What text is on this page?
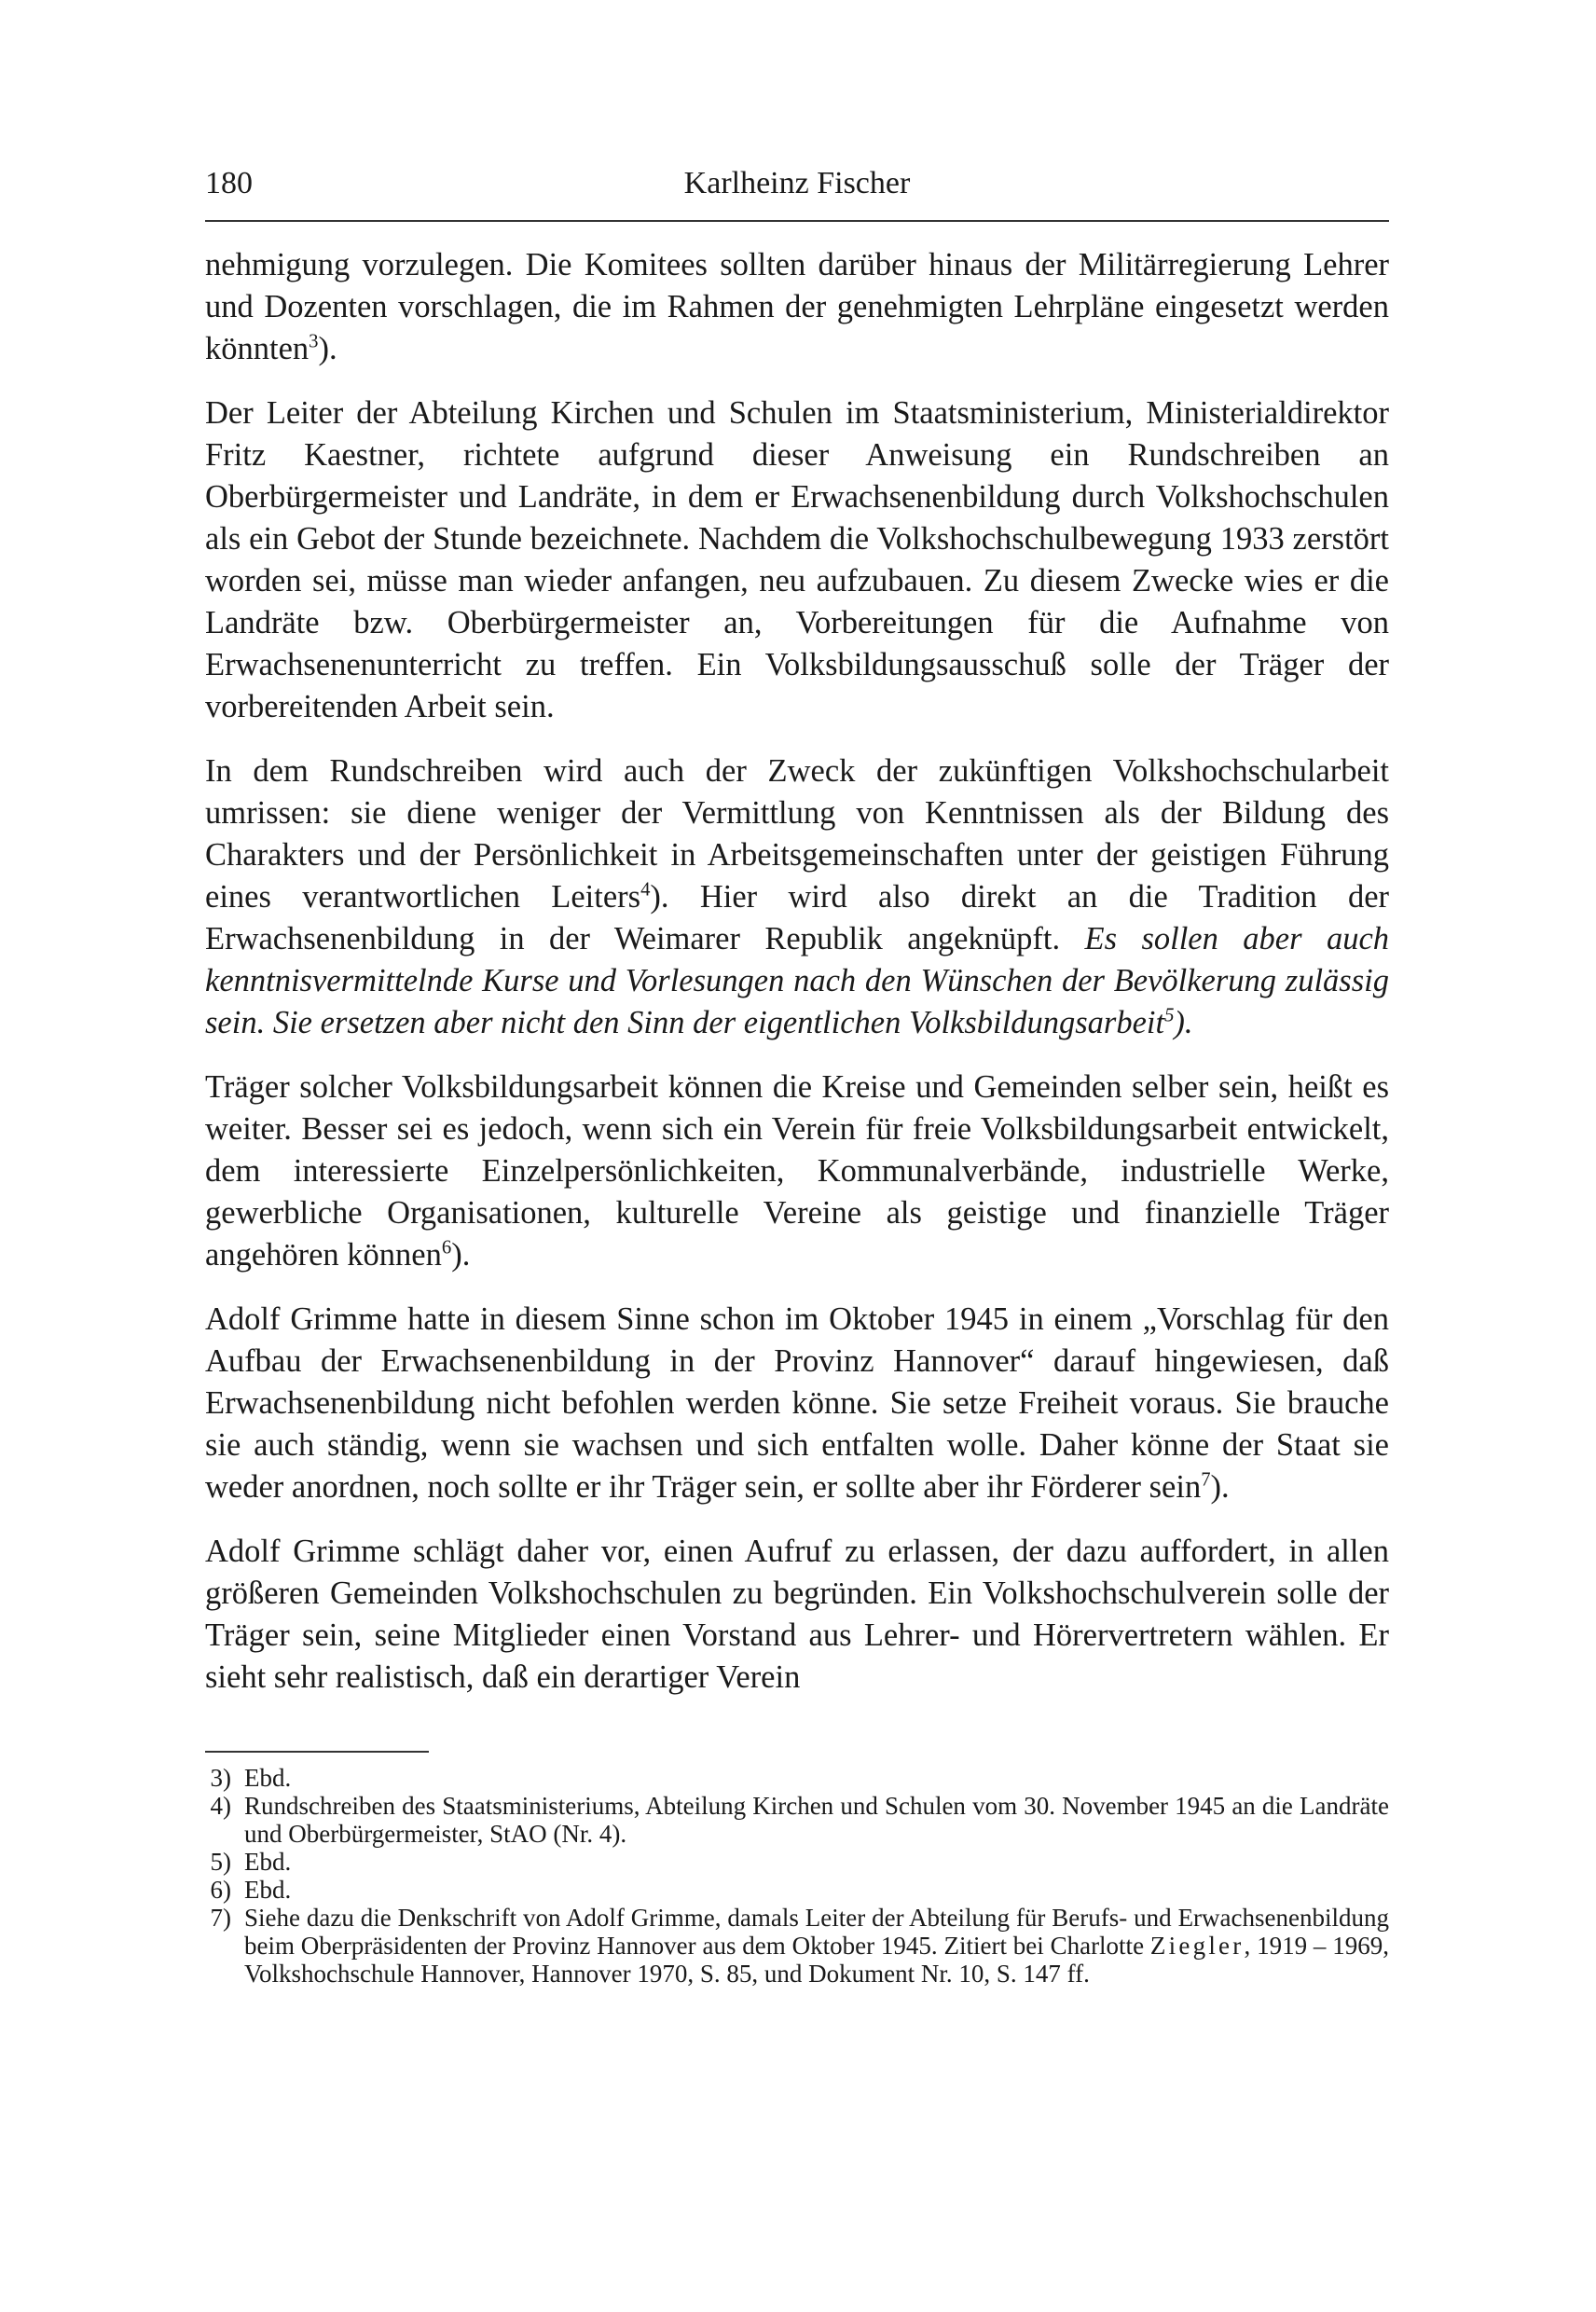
180	Karlheinz Fischer

nehmigung vorzulegen. Die Komitees sollten darüber hinaus der Militärregierung Lehrer und Dozenten vorschlagen, die im Rahmen der genehmigten Lehrpläne eingesetzt werden könnten$^3$).

Der Leiter der Abteilung Kirchen und Schulen im Staatsministerium, Ministerialdirektor Fritz Kaestner, richtete aufgrund dieser Anweisung ein Rundschreiben an Oberbürgermeister und Landräte, in dem er Erwachsenenbildung durch Volkshochschulen als ein Gebot der Stunde bezeichnete. Nachdem die Volkshochschulbewegung 1933 zerstört worden sei, müsse man wieder anfangen, neu aufzubauen. Zu diesem Zwecke wies er die Landräte bzw. Oberbürgermeister an, Vorbereitungen für die Aufnahme von Erwachsenenunterricht zu treffen. Ein Volksbildungsausschuß solle der Träger der vorbereitenden Arbeit sein.

In dem Rundschreiben wird auch der Zweck der zukünftigen Volkshochschularbeit umrissen: sie diene weniger der Vermittlung von Kenntnissen als der Bildung des Charakters und der Persönlichkeit in Arbeitsgemeinschaften unter der geistigen Führung eines verantwortlichen Leiters$^4$). Hier wird also direkt an die Tradition der Erwachsenenbildung in der Weimarer Republik angeknüpft. Es sollen aber auch kenntnisvermittelnde Kurse und Vorlesungen nach den Wünschen der Bevölkerung zulässig sein. Sie ersetzen aber nicht den Sinn der eigentlichen Volksbildungsarbeit$^5$).

Träger solcher Volksbildungsarbeit können die Kreise und Gemeinden selber sein, heißt es weiter. Besser sei es jedoch, wenn sich ein Verein für freie Volksbildungsarbeit entwickelt, dem interessierte Einzelpersönlichkeiten, Kommunalverbände, industrielle Werke, gewerbliche Organisationen, kulturelle Vereine als geistige und finanzielle Träger angehören können$^6$).

Adolf Grimme hatte in diesem Sinne schon im Oktober 1945 in einem „Vorschlag für den Aufbau der Erwachsenenbildung in der Provinz Hannover“ darauf hingewiesen, daß Erwachsenenbildung nicht befohlen werden könne. Sie setze Freiheit voraus. Sie brauche sie auch ständig, wenn sie wachsen und sich entfalten wolle. Daher könne der Staat sie weder anordnen, noch sollte er ihr Träger sein, er sollte aber ihr Förderer sein$^7$).

Adolf Grimme schlägt daher vor, einen Aufruf zu erlassen, der dazu auffordert, in allen größeren Gemeinden Volkshochschulen zu begründen. Ein Volkshochschulverein solle der Träger sein, seine Mitglieder einen Vorstand aus Lehrer- und Hörervertretern wählen. Er sieht sehr realistisch, daß ein derartiger Verein

3) Ebd.
4) Rundschreiben des Staatsministeriums, Abteilung Kirchen und Schulen vom 30. November 1945 an die Landräte und Oberbürgermeister, StAO (Nr. 4).
5) Ebd.
6) Ebd.
7) Siehe dazu die Denkschrift von Adolf Grimme, damals Leiter der Abteilung für Berufs- und Erwachsenenbildung beim Oberpräsidenten der Provinz Hannover aus dem Oktober 1945. Zitiert bei Charlotte Ziegler, 1919 – 1969, Volkshochschule Hannover, Hannover 1970, S. 85, und Dokument Nr. 10, S. 147 ff.
